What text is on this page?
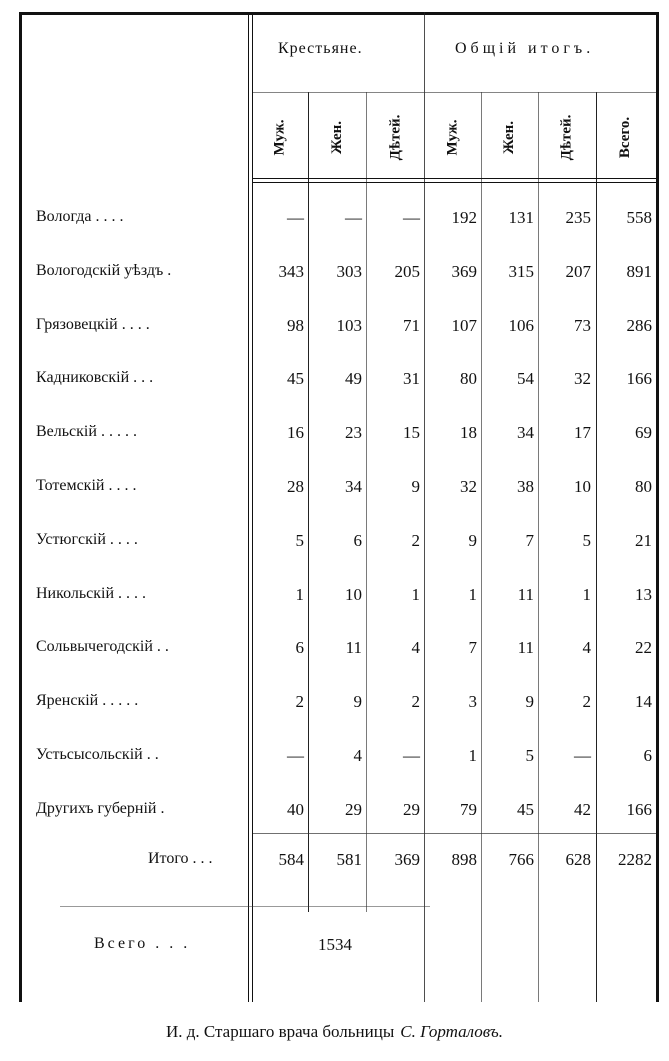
Крестьяне.	Общiй итогъ.
Муж.	Жен.	Дѣтей.	Муж.	Жен.	Дѣтей.	Всего.
Вологда . . . .	—	—	—	192	131	235	558
Вологодскiй уѣздъ .	343	303	205	369	315	207	891
Грязовецкiй . . . .	98	103	71	107	106	73	286
Кадниковскiй . . .	45	49	31	80	54	32	166
Вельскiй . . . . .	16	23	15	18	34	17	69
Тотемскiй . . . .	28	34	9	32	38	10	80
Устюгскiй . . . .	5	6	2	9	7	5	21
Никольскiй . . . .	1	10	1	1	11	1	13
Сольвычегодскiй . .	6	11	4	7	11	4	22
Яренскiй . . . . .	2	9	2	3	9	2	14
Устьсысольскiй . .	—	4	—	1	5	—	6
Другихъ губернiй .	40	29	29	79	45	42	166
Итого . . .	584	581	369	898	766	628	2282
Всего . . .	1534
И. д. Старшаго врача больницы С. Горталовъ.
